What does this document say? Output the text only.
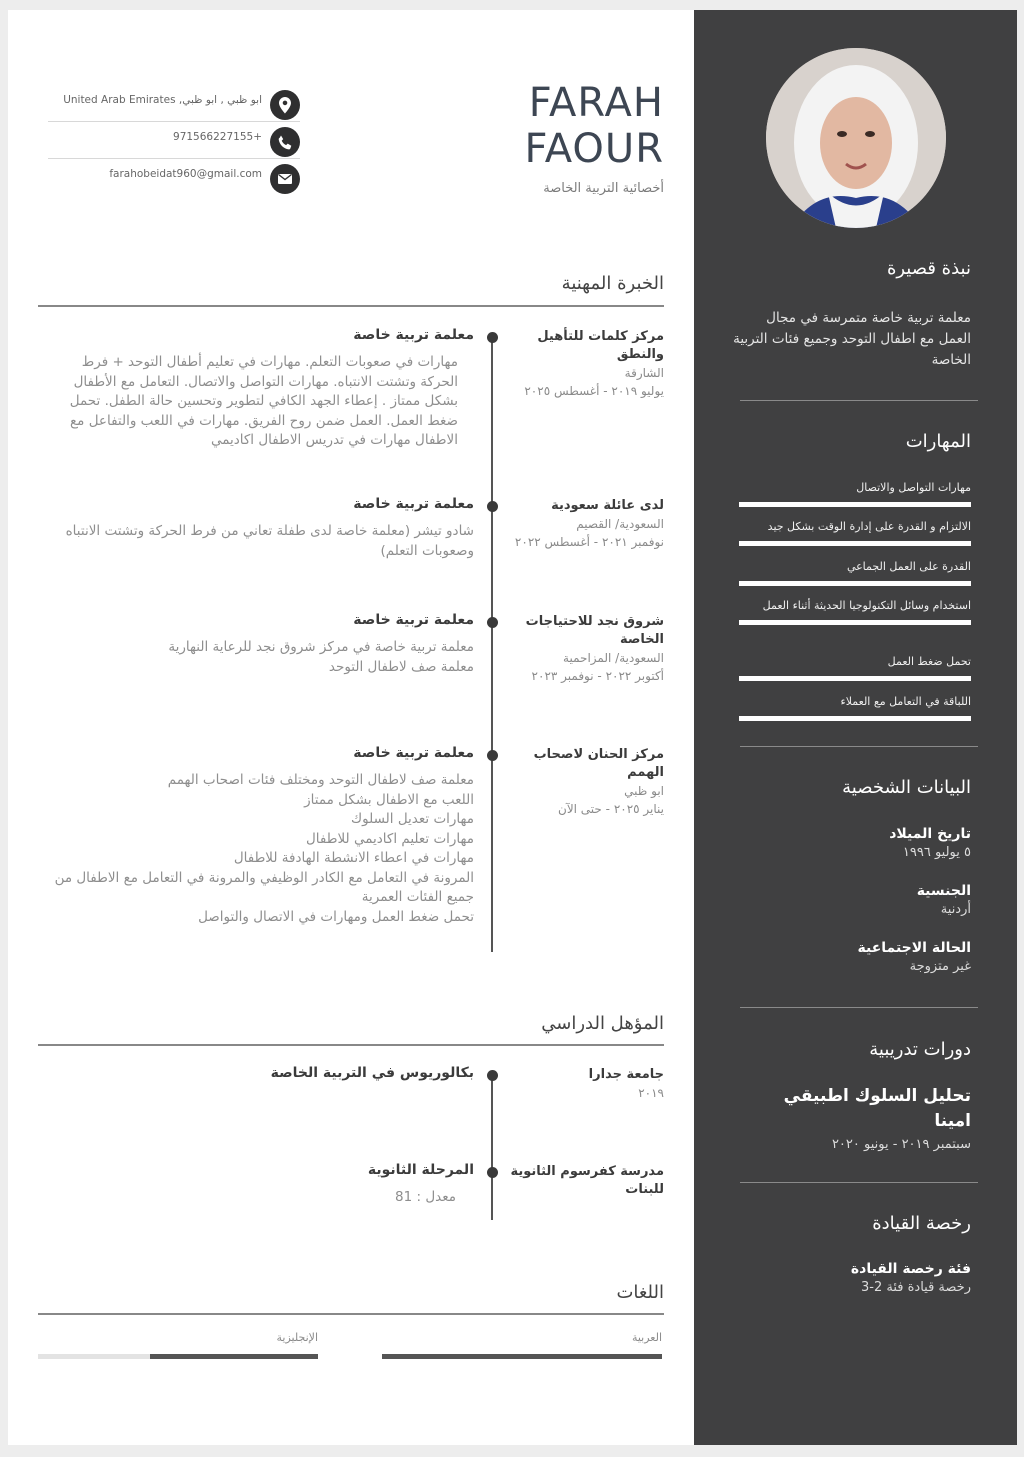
FARAH
FAOUR
أخصائية التربية الخاصة
ابو ظبي , ابو ظبي, United Arab Emirates
+971566227155
farahobeidat960@gmail.com
الخبرة المهنية
مركز كلمات للتأهيل والنطق
الشارقة
يوليو ٢٠١٩ - أغسطس ٢٠٢٥
معلمة تربية خاصة
مهارات في صعوبات التعلم. مهارات في تعليم أطفال التوحد + فرط الحركة وتشتت الانتباه. مهارات التواصل والاتصال. التعامل مع الأطفال بشكل ممتاز . إعطاء الجهد الكافي لتطوير وتحسين حالة الطفل. تحمل ضغط العمل. العمل ضمن روح الفريق. مهارات في اللعب والتفاعل مع الاطفال مهارات في تدريس الاطفال اكاديمي
لدى عائلة سعودية
السعودية/ القصيم
نوفمبر ٢٠٢١ - أغسطس ٢٠٢٢
معلمة تربية خاصة
شادو تيشر (معلمة خاصة لدى طفلة تعاني من فرط الحركة وتشتت الانتباه وصعوبات التعلم)
شروق نجد للاحتياجات الخاصة
السعودية/ المزاحمية
أكتوبر ٢٠٢٢ - نوفمبر ٢٠٢٣
معلمة تربية خاصة
معلمة تربية خاصة في مركز شروق نجد للرعاية النهارية
معلمة صف لاطفال التوحد
مركز الحنان لاصحاب الهمم
ابو ظبي
يناير ٢٠٢٥ - حتى الآن
معلمة تربية خاصة
معلمة صف لاطفال التوحد ومختلف فئات اصحاب الهمم
اللعب مع الاطفال بشكل ممتاز
مهارات تعديل السلوك
مهارات تعليم اكاديمي للاطفال
مهارات في اعطاء الانشطة الهادفة للاطفال
المرونة في التعامل مع الكادر الوظيفي والمرونة في التعامل مع الاطفال من جميع الفئات العمرية
تحمل ضغط العمل ومهارات في الاتصال والتواصل
المؤهل الدراسي
جامعة جدارا
٢٠١٩
بكالوريوس في التربية الخاصة
مدرسة كفرسوم الثانوية للبنات
المرحلة الثانوية
معدل : 81
اللغات
العربية
الإنجليزية
نبذة قصيرة
معلمة تربية خاصة متمرسة في مجال العمل مع اطفال التوحد وجميع فئات التربية الخاصة
المهارات
مهارات التواصل والاتصال
الالتزام و القدرة على إدارة الوقت بشكل جيد
القدرة على العمل الجماعي
استخدام وسائل التكنولوجيا الحديثة أثناء العمل
تحمل ضغط العمل
اللباقة في التعامل مع العملاء
البيانات الشخصية
تاريخ الميلاد
٥ يوليو ١٩٩٦
الجنسية
أردنية
الحالة الاجتماعية
غير متزوجة
دورات تدريبية
تحليل السلوك اطبيقي امينا
سبتمبر ٢٠١٩ - يونيو ٢٠٢٠
رخصة القيادة
فئة رخصة القيادة
رخصة قيادة فئة 2-3
